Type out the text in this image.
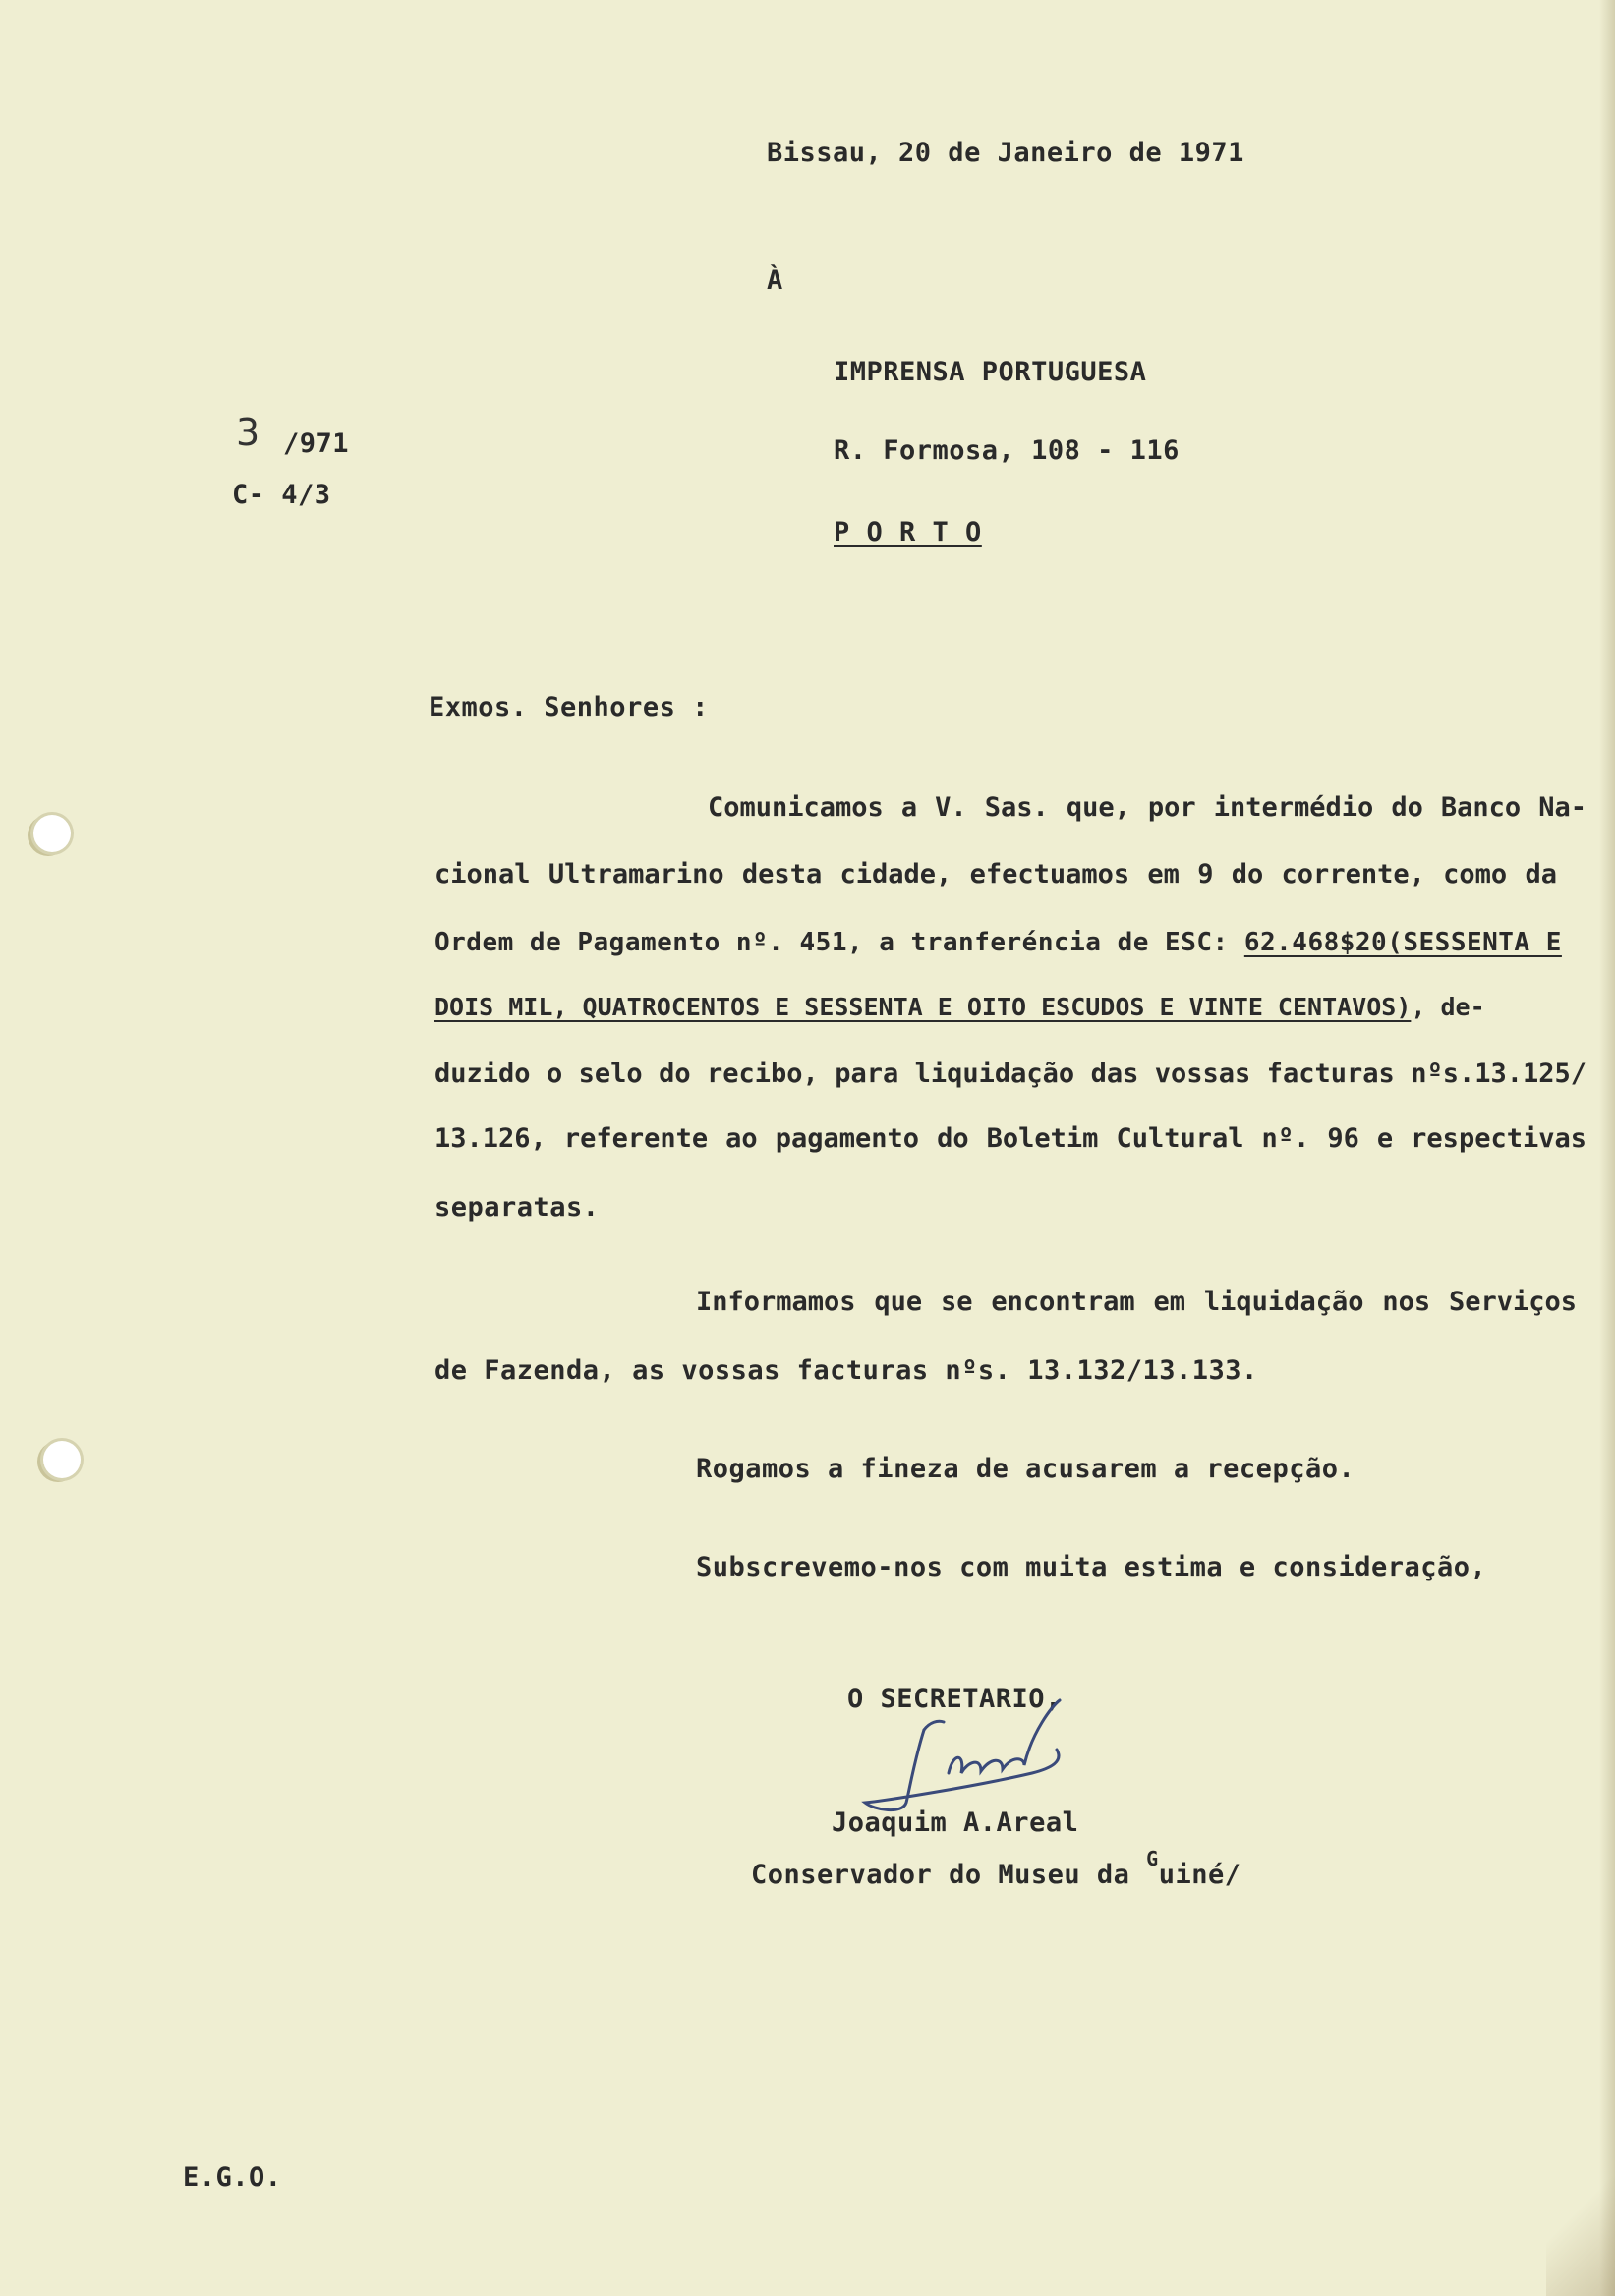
Bissau, 20 de Janeiro de 1971
À
IMPRENSA PORTUGUESA
R. Formosa, 108 - 116
P O R T O
3 /971
C- 4/3
Exmos. Senhores :
Comunicamos a V. Sas. que, por intermédio do Banco Na-
cional Ultramarino desta cidade, efectuamos em 9 do corrente, como da
Ordem de Pagamento nº. 451, a tranferéncia de ESC: 62.468$20(SESSENTA E
DOIS MIL, QUATROCENTOS E SESSENTA E OITO ESCUDOS E VINTE CENTAVOS), de-
duzido o selo do recibo, para liquidação das vossas facturas nºs.13.125/
13.126, referente ao pagamento do Boletim Cultural nº. 96 e respectivas
separatas.
Informamos que se encontram em liquidação nos Serviços
de Fazenda, as vossas facturas nºs. 13.132/13.133.
Rogamos a fineza de acusarem a recepção.
Subscrevemo-nos com muita estima e consideração,
O SECRETARIO,
Joaquim A.Areal
Conservador do Museu da $^G$uiné/
E.G.O.
